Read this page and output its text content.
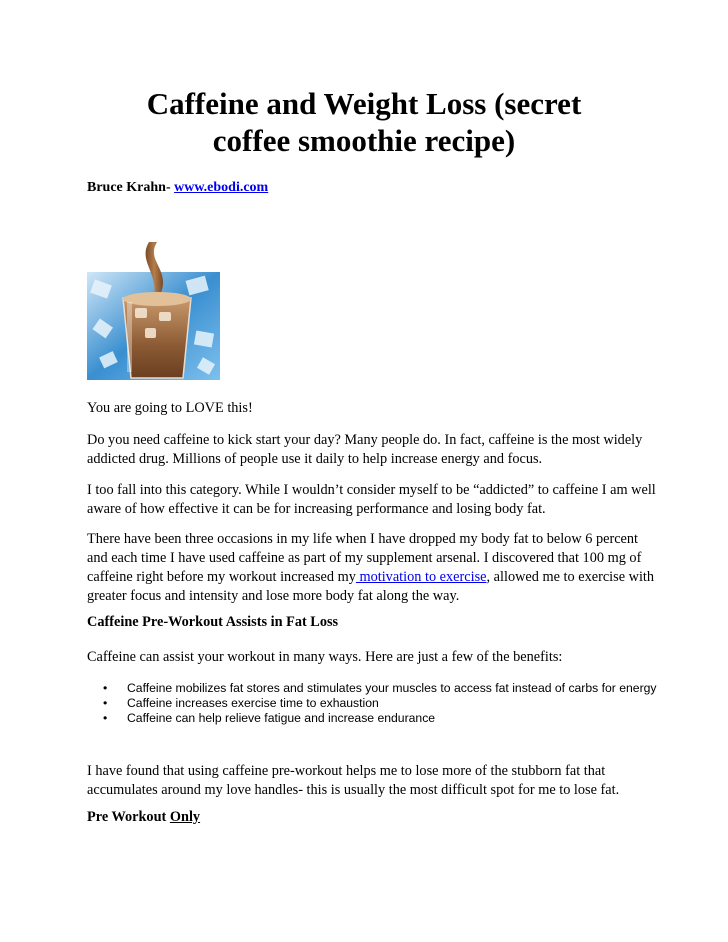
Caffeine and Weight Loss (secret
coffee smoothie recipe)
Bruce Krahn- www.ebodi.com
You are going to LOVE this!
Do you need caffeine to kick start your day? Many people do. In fact, caffeine is the most widely addicted drug. Millions of people use it daily to help increase energy and focus.
I too fall into this category. While I wouldn’t consider myself to be “addicted” to caffeine I am well aware of how effective it can be for increasing performance and losing body fat.
There have been three occasions in my life when I have dropped my body fat to below 6 percent and each time I have used caffeine as part of my supplement arsenal. I discovered that 100 mg of caffeine right before my workout increased my motivation to exercise, allowed me to exercise with greater focus and intensity and lose more body fat along the way.
Caffeine Pre-Workout Assists in Fat Loss
Caffeine can assist your workout in many ways. Here are just a few of the benefits:
• Caffeine mobilizes fat stores and stimulates your muscles to access fat instead of carbs for energy
• Caffeine increases exercise time to exhaustion
• Caffeine can help relieve fatigue and increase endurance
I have found that using caffeine pre-workout helps me to lose more of the stubborn fat that accumulates around my love handles- this is usually the most difficult spot for me to lose fat.
Pre Workout Only
